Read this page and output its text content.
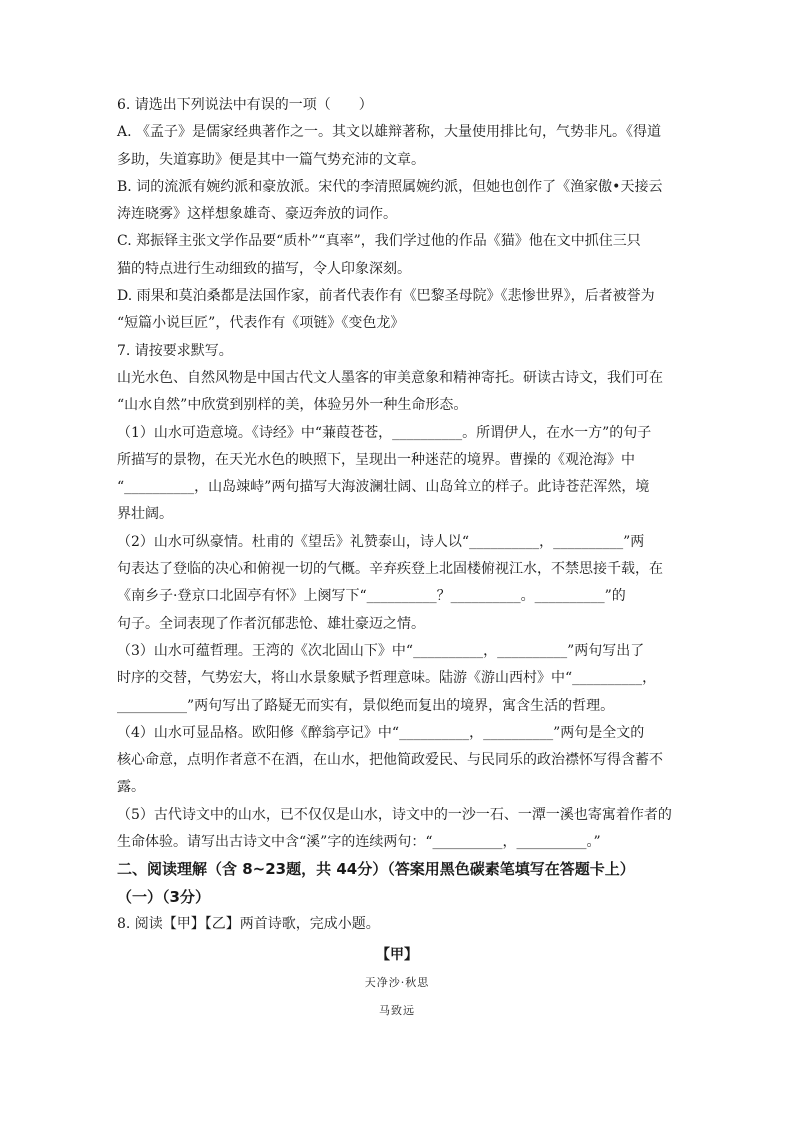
6. 请选出下列说法中有误的一项（　　）

A. 《孟子》是儒家经典著作之一。其文以雄辩著称，大量使用排比句，气势非凡。《得道

多助，失道寡助》便是其中一篇气势充沛的文章。

B. 词的流派有婉约派和豪放派。宋代的李清照属婉约派，但她也创作了《渔家傲•天接云

涛连晓雾》这样想象雄奇、豪迈奔放的词作。

C. 郑振铎主张文学作品要“质朴”“真率”，我们学过他的作品《猫》他在文中抓住三只

猫的特点进行生动细致的描写，令人印象深刻。

D. 雨果和莫泊桑都是法国作家，前者代表作有《巴黎圣母院》《悲惨世界》，后者被誉为

“短篇小说巨匠”，代表作有《项链》《变色龙》

7. 请按要求默写。

山光水色、自然风物是中国古代文人墨客的审美意象和精神寄托。研读古诗文，我们可在

“山水自然”中欣赏到别样的美，体验另外一种生命形态。

（1）山水可造意境。《诗经》中“蒹葭苍苍，__________。所谓伊人，在水一方”的句子

所描写的景物，在天光水色的映照下，呈现出一种迷茫的境界。曹操的《观沧海》中

“__________，山岛竦峙”两句描写大海波澜壮阔、山岛耸立的样子。此诗苍茫浑然，境

界壮阔。

（2）山水可纵豪情。杜甫的《望岳》礼赞泰山，诗人以“__________，__________”两

句表达了登临的决心和俯视一切的气概。辛弃疾登上北固楼俯视江水，不禁思接千载，在

《南乡子·登京口北固亭有怀》上阕写下“__________？__________。__________”的

句子。全词表现了作者沉郁悲怆、雄壮豪迈之情。

（3）山水可蕴哲理。王湾的《次北固山下》中“__________，__________”两句写出了

时序的交替，气势宏大，将山水景象赋予哲理意味。陆游《游山西村》中“__________，

__________”两句写出了路疑无而实有，景似绝而复出的境界，寓含生活的哲理。

（4）山水可显品格。欧阳修《醉翁亭记》中“__________，__________”两句是全文的

核心命意，点明作者意不在酒，在山水，把他简政爱民、与民同乐的政治襟怀写得含蓄不

露。

（5）古代诗文中的山水，已不仅仅是山水，诗文中的一沙一石、一潭一溪也寄寓着作者的

生命体验。请写出古诗文中含“溪”字的连续两句：“__________，__________。”

二、阅读理解（含 8~23题，共 44分）（答案用黑色碳素笔填写在答题卡上）

（一）（3分）

8. 阅读【甲】【乙】两首诗歌，完成小题。

【甲】
天净沙·秋思
马致远
